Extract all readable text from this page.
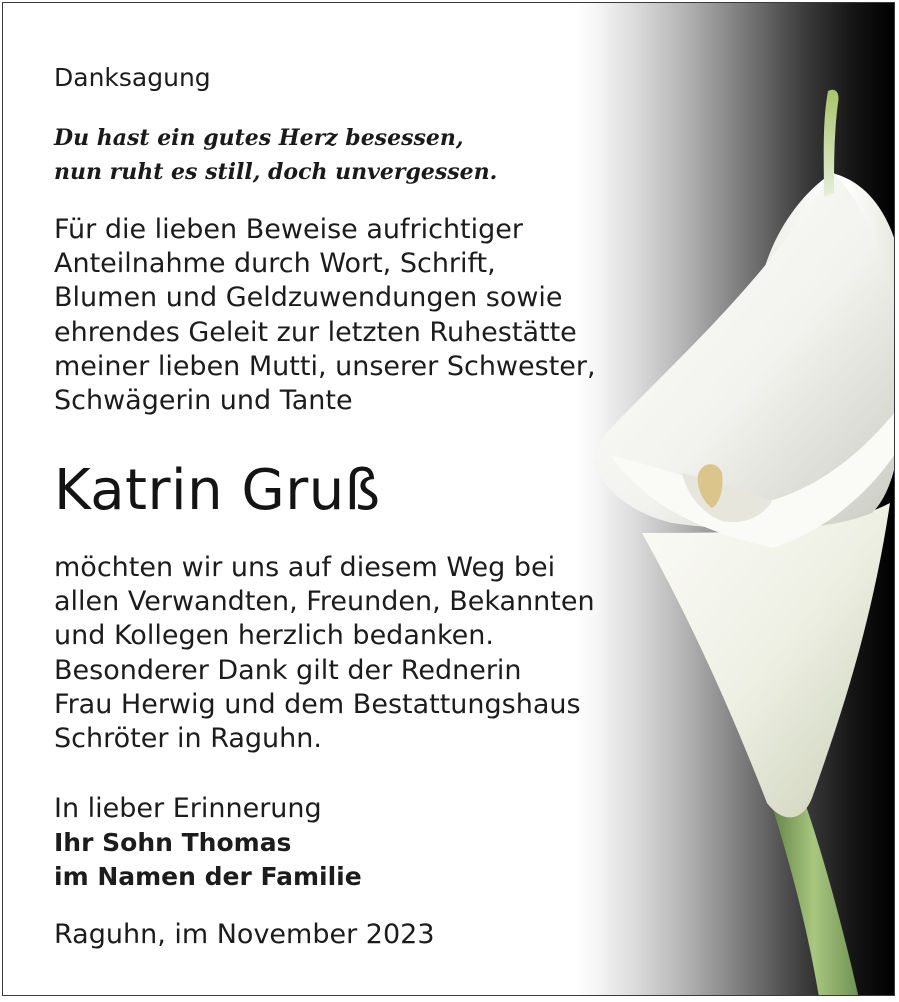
Danksagung

Du hast ein gutes Herz besessen,
nun ruht es still, doch unvergessen.

Für die lieben Beweise aufrichtiger
Anteilnahme durch Wort, Schrift,
Blumen und Geldzuwendungen sowie
ehrendes Geleit zur letzten Ruhestätte
meiner lieben Mutti, unserer Schwester,
Schwägerin und Tante

Katrin Gruß

möchten wir uns auf diesem Weg bei
allen Verwandten, Freunden, Bekannten
und Kollegen herzlich bedanken.
Besonderer Dank gilt der Rednerin
Frau Herwig und dem Bestattungshaus
Schröter in Raguhn.

In lieber Erinnerung

Ihr Sohn Thomas
im Namen der Familie

Raguhn, im November 2023
